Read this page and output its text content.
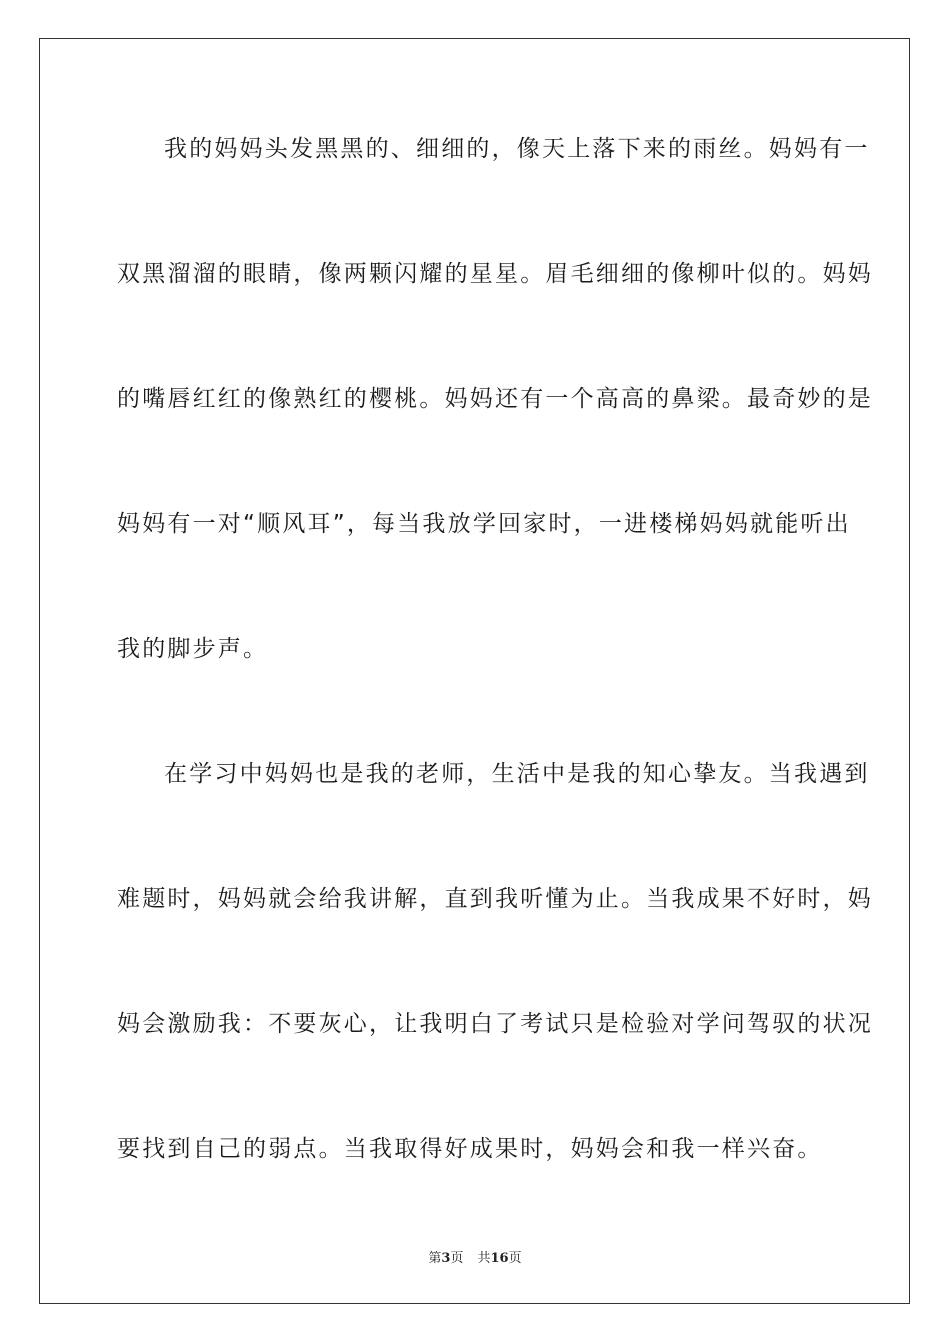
我的妈妈头发黑黑的、细细的，像天上落下来的雨丝。妈妈有一
双黑溜溜的眼睛，像两颗闪耀的星星。眉毛细细的像柳叶似的。妈妈
的嘴唇红红的像熟红的樱桃。妈妈还有一个高高的鼻梁。最奇妙的是
妈妈有一对“顺风耳”，每当我放学回家时，一进楼梯妈妈就能听出
我的脚步声。
在学习中妈妈也是我的老师，生活中是我的知心挚友。当我遇到
难题时，妈妈就会给我讲解，直到我听懂为止。当我成果不好时，妈
妈会激励我：不要灰心，让我明白了考试只是检验对学问驾驭的状况
要找到自己的弱点。当我取得好成果时，妈妈会和我一样兴奋。
第3页 共16页
